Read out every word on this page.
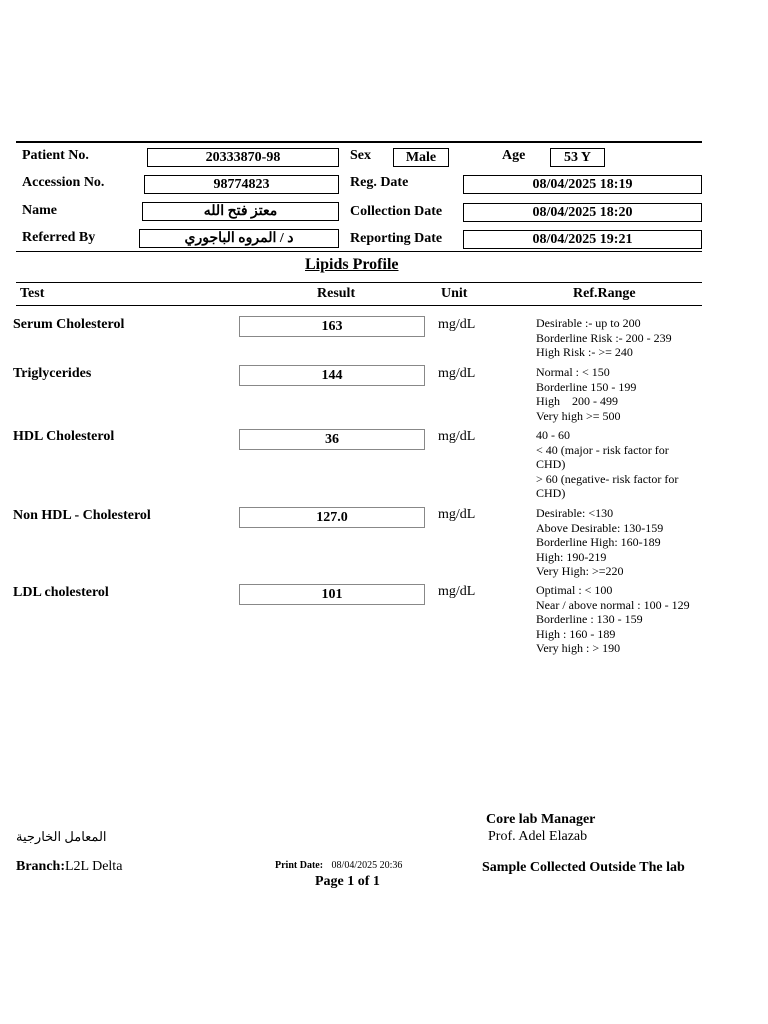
Patient No.	20333870-98	Sex	Male	Age	53 Y
Accession No.	98774823	Reg. Date	08/04/2025 18:19
Name	معتز فتح الله	Collection Date	08/04/2025 18:20
Referred By	د / المروه الباجوري	Reporting Date	08/04/2025 19:21
Lipids Profile
Test	Result	Unit	Ref.Range
Serum Cholesterol	163	mg/dL	Desirable :- up to 200
Borderline Risk :- 200 - 239
High Risk :- >= 240
Triglycerides	144	mg/dL	Normal : < 150
Borderline 150 - 199
High    200 - 499
Very high >= 500
HDL Cholesterol	36	mg/dL	40 - 60
< 40 (major - risk factor for CHD)
> 60 (negative- risk factor for CHD)
Non HDL - Cholesterol	127.0	mg/dL	Desirable: <130
Above Desirable: 130-159
Borderline High: 160-189
High: 190-219
Very High: >=220
LDL cholesterol	101	mg/dL	Optimal : < 100
Near / above normal : 100 - 129
Borderline : 130 - 159
High : 160 - 189
Very high : > 190
Core lab Manager
Prof. Adel Elazab
المعامل الخارجية
Branch:L2L Delta	Print Date: 08/04/2025 20:36
Page 1 of 1
Sample Collected Outside The lab
